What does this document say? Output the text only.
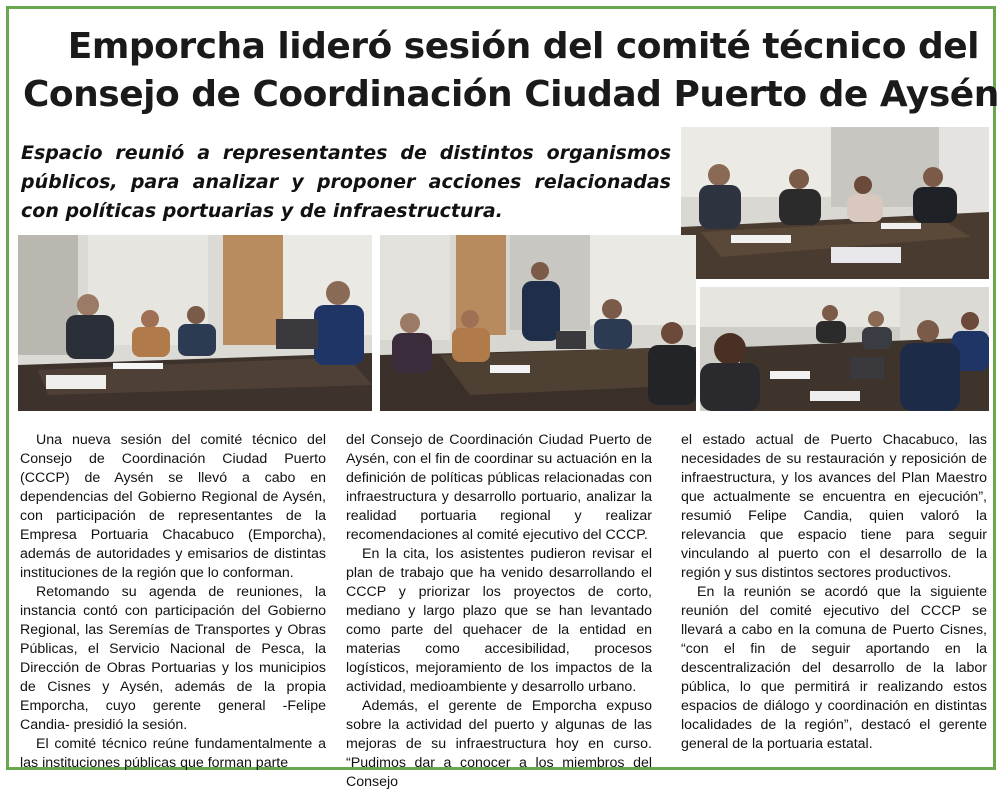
Emporcha lideró sesión del comité técnico del
Consejo de Coordinación Ciudad Puerto de Aysén
Espacio reunió a representantes de distintos organismos públicos, para analizar y proponer acciones relacionadas con políticas portuarias y de infraestructura.

Una nueva sesión del comité técnico del Consejo de Coordinación Ciudad Puerto (CCCP) de Aysén se llevó a cabo en dependencias del Gobierno Regional de Aysén, con participación de representantes de la Empresa Portuaria Chacabuco (Emporcha), además de autoridades y emisarios de distintas instituciones de la región que lo conforman.

Retomando su agenda de reuniones, la instancia contó con participación del Gobierno Regional, las Seremías de Transportes y Obras Públicas, el Servicio Nacional de Pesca, la Dirección de Obras Portuarias y los municipios de Cisnes y Aysén, además de la propia Emporcha, cuyo gerente general -Felipe Candia- presidió la sesión.

El comité técnico reúne fundamentalmente a las instituciones públicas que forman parte

del Consejo de Coordinación Ciudad Puerto de Aysén, con el fin de coordinar su actuación en la definición de políticas públicas relacionadas con infraestructura y desarrollo portuario, analizar la realidad portuaria regional y realizar recomendaciones al comité ejecutivo del CCCP.

En la cita, los asistentes pudieron revisar el plan de trabajo que ha venido desarrollando el CCCP y priorizar los proyectos de corto, mediano y largo plazo que se han levantado como parte del quehacer de la entidad en materias como accesibilidad, procesos logísticos, mejoramiento de los impactos de la actividad, medioambiente y desarrollo urbano.

Además, el gerente de Emporcha expuso sobre la actividad del puerto y algunas de las mejoras de su infraestructura hoy en curso. “Pudimos dar a conocer a los miembros del Consejo

el estado actual de Puerto Chacabuco, las necesidades de su restauración y reposición de infraestructura, y los avances del Plan Maestro que actualmente se encuentra en ejecución”, resumió Felipe Candia, quien valoró la relevancia que espacio tiene para seguir vinculando al puerto con el desarrollo de la región y sus distintos sectores productivos.

En la reunión se acordó que la siguiente reunión del comité ejecutivo del CCCP se llevará a cabo en la comuna de Puerto Cisnes, “con el fin de seguir aportando en la descentralización del desarrollo de la labor pública, lo que permitirá ir realizando estos espacios de diálogo y coordinación en distintas localidades de la región”, destacó el gerente general de la portuaria estatal.
